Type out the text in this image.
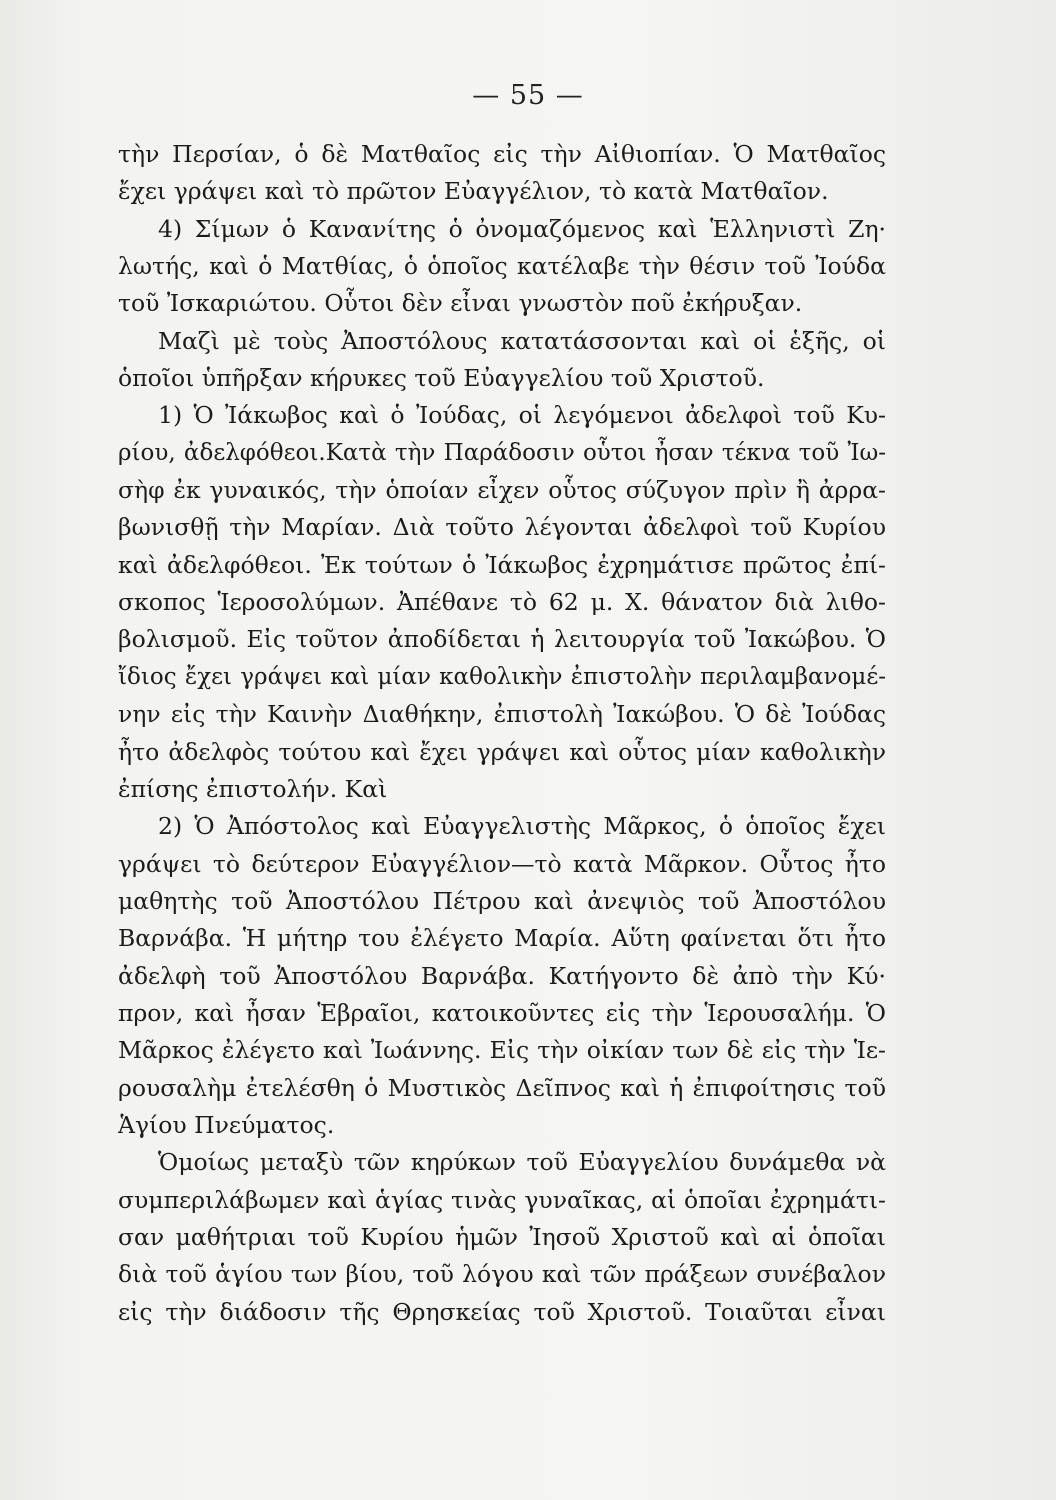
— 55 —
τὴν Περσίαν, ὁ δὲ Ματθαῖος εἰς τὴν Αἰθιοπίαν. Ὁ Ματθαῖος
ἔχει γράψει καὶ τὸ πρῶτον Εὐαγγέλιον, τὸ κατὰ Ματθαῖον.
4) Σίμων ὁ Κανανίτης ὁ ὀνομαζόμενος καὶ Ἑλληνιστὶ Ζη·
λωτής, καὶ ὁ Ματθίας, ὁ ὁποῖος κατέλαβε τὴν θέσιν τοῦ Ἰούδα
τοῦ Ἰσκαριώτου. Οὗτοι δὲν εἶναι γνωστὸν ποῦ ἐκήρυξαν.
Μαζὶ μὲ τοὺς Ἀποστόλους κατατάσσονται καὶ οἱ ἑξῆς, οἱ
ὁποῖοι ὑπῆρξαν κήρυκες τοῦ Εὐαγγελίου τοῦ Χριστοῦ.
1) Ὁ Ἰάκωβος καὶ ὁ Ἰούδας, οἱ λεγόμενοι ἀδελφοὶ τοῦ Κυ-
ρίου, ἀδελφόθεοι.Κατὰ τὴν Παράδοσιν οὗτοι ἦσαν τέκνα τοῦ Ἰω-
σὴφ ἐκ γυναικός, τὴν ὁποίαν εἶχεν οὗτος σύζυγον πρὶν ἢ ἀρρα-
βωνισθῇ τὴν Μαρίαν. Διὰ τοῦτο λέγονται ἀδελφοὶ τοῦ Κυρίου
καὶ ἀδελφόθεοι. Ἐκ τούτων ὁ Ἰάκωβος ἐχρημάτισε πρῶτος ἐπί-
σκοπος Ἱεροσολύμων. Ἀπέθανε τὸ 62 μ. Χ. θάνατον διὰ λιθο-
βολισμοῦ. Εἰς τοῦτον ἀποδίδεται ἡ λειτουργία τοῦ Ἰακώβου. Ὁ
ἴδιος ἔχει γράψει καὶ μίαν καθολικὴν ἐπιστολὴν περιλαμβανομέ-
νην εἰς τὴν Καινὴν Διαθήκην, ἐπιστολὴ Ἰακώβου. Ὁ δὲ Ἰούδας
ἦτο ἀδελφὸς τούτου καὶ ἔχει γράψει καὶ οὗτος μίαν καθολικὴν
ἐπίσης ἐπιστολήν. Καὶ
2) Ὁ Ἀπόστολος καὶ Εὐαγγελιστὴς Μᾶρκος, ὁ ὁποῖος ἔχει
γράψει τὸ δεύτερον Εὐαγγέλιον—τὸ κατὰ Μᾶρκον. Οὗτος ἦτο
μαθητὴς τοῦ Ἀποστόλου Πέτρου καὶ ἀνεψιὸς τοῦ Ἀποστόλου
Βαρνάβα. Ἡ μήτηρ του ἐλέγετο Μαρία. Αὕτη φαίνεται ὅτι ἦτο
ἀδελφὴ τοῦ Ἀποστόλου Βαρνάβα. Κατήγοντο δὲ ἀπὸ τὴν Κύ·
προν, καὶ ἦσαν Ἑβραῖοι, κατοικοῦντες εἰς τὴν Ἱερουσαλήμ. Ὁ
Μᾶρκος ἐλέγετο καὶ Ἰωάννης. Εἰς τὴν οἰκίαν των δὲ εἰς τὴν Ἱε-
ρουσαλὴμ ἐτελέσθη ὁ Μυστικὸς Δεῖπνος καὶ ἡ ἐπιφοίτησις τοῦ
Ἁγίου Πνεύματος.
Ὁμοίως μεταξὺ τῶν κηρύκων τοῦ Εὐαγγελίου δυνάμεθα νὰ
συμπεριλάβωμεν καὶ ἁγίας τινὰς γυναῖκας, αἱ ὁποῖαι ἐχρημάτι-
σαν μαθήτριαι τοῦ Κυρίου ἡμῶν Ἰησοῦ Χριστοῦ καὶ αἱ ὁποῖαι
διὰ τοῦ ἁγίου των βίου, τοῦ λόγου καὶ τῶν πράξεων συνέβαλον
εἰς τὴν διάδοσιν τῆς Θρησκείας τοῦ Χριστοῦ. Τοιαῦται εἶναι
